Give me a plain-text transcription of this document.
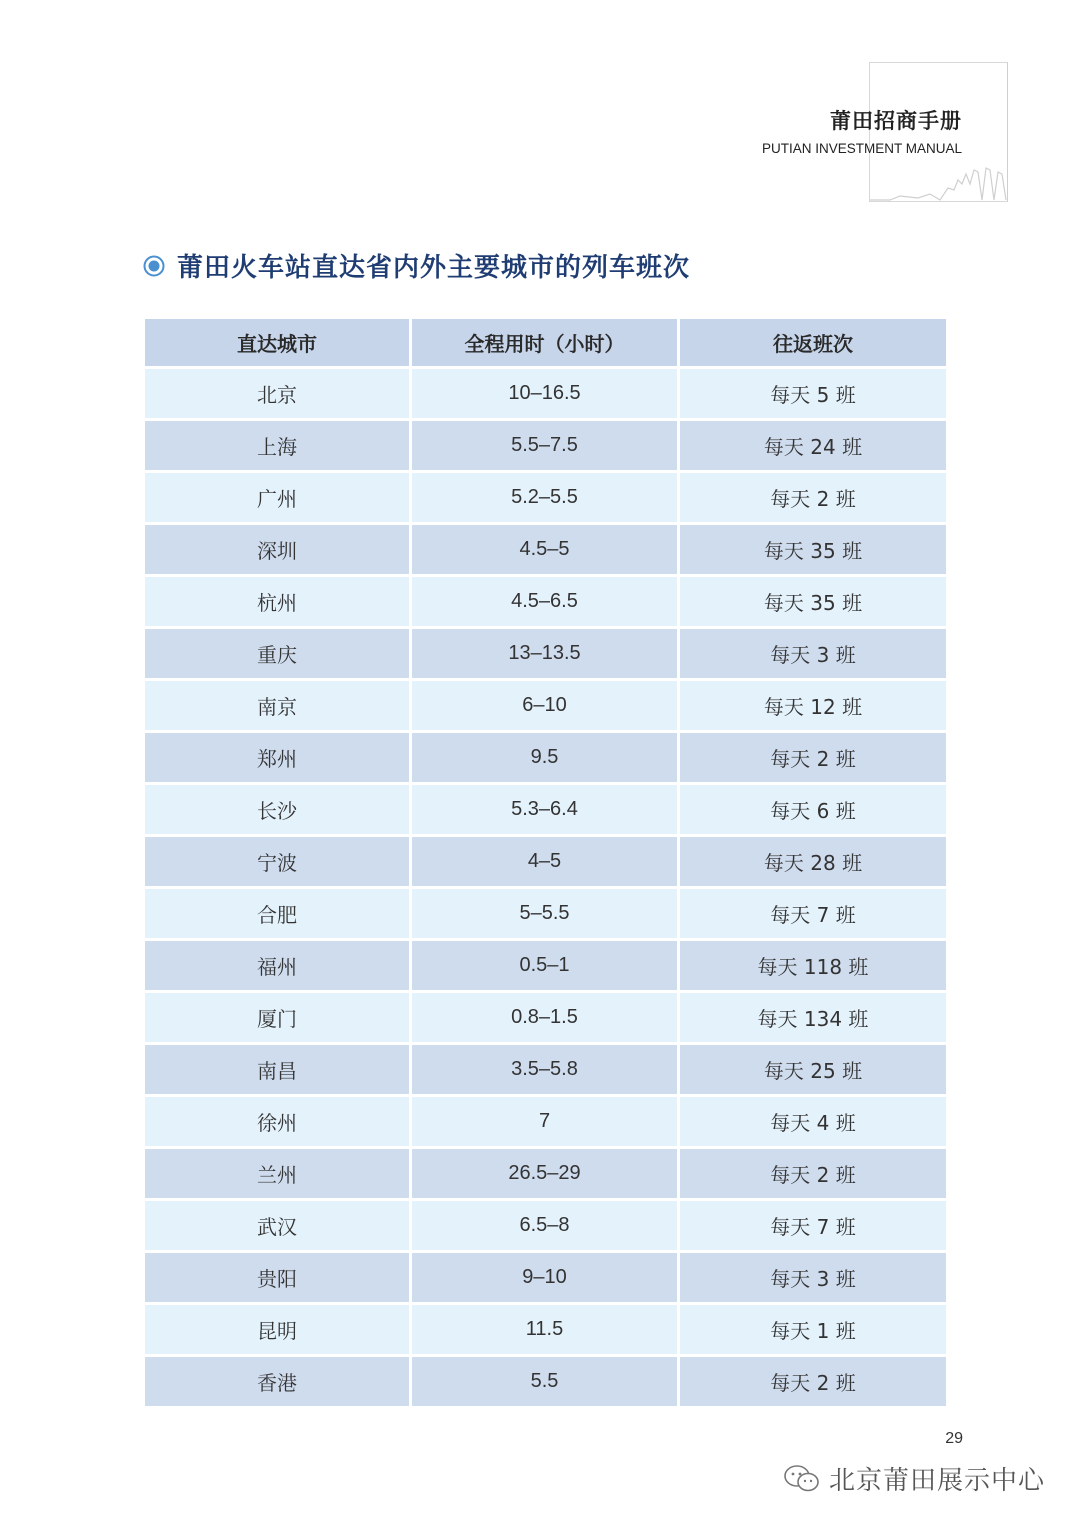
莆田招商手册
PUTIAN INVESTMENT MANUAL
莆田火车站直达省内外主要城市的列车班次
直达城市	全程用时（小时）	往返班次
北京	10–16.5	每天 5 班
上海	5.5–7.5	每天 24 班
广州	5.2–5.5	每天 2 班
深圳	4.5–5	每天 35 班
杭州	4.5–6.5	每天 35 班
重庆	13–13.5	每天 3 班
南京	6–10	每天 12 班
郑州	9.5	每天 2 班
长沙	5.3–6.4	每天 6 班
宁波	4–5	每天 28 班
合肥	5–5.5	每天 7 班
福州	0.5–1	每天 118 班
厦门	0.8–1.5	每天 134 班
南昌	3.5–5.8	每天 25 班
徐州	7	每天 4 班
兰州	26.5–29	每天 2 班
武汉	6.5–8	每天 7 班
贵阳	9–10	每天 3 班
昆明	11.5	每天 1 班
香港	5.5	每天 2 班
29
北京莆田展示中心
